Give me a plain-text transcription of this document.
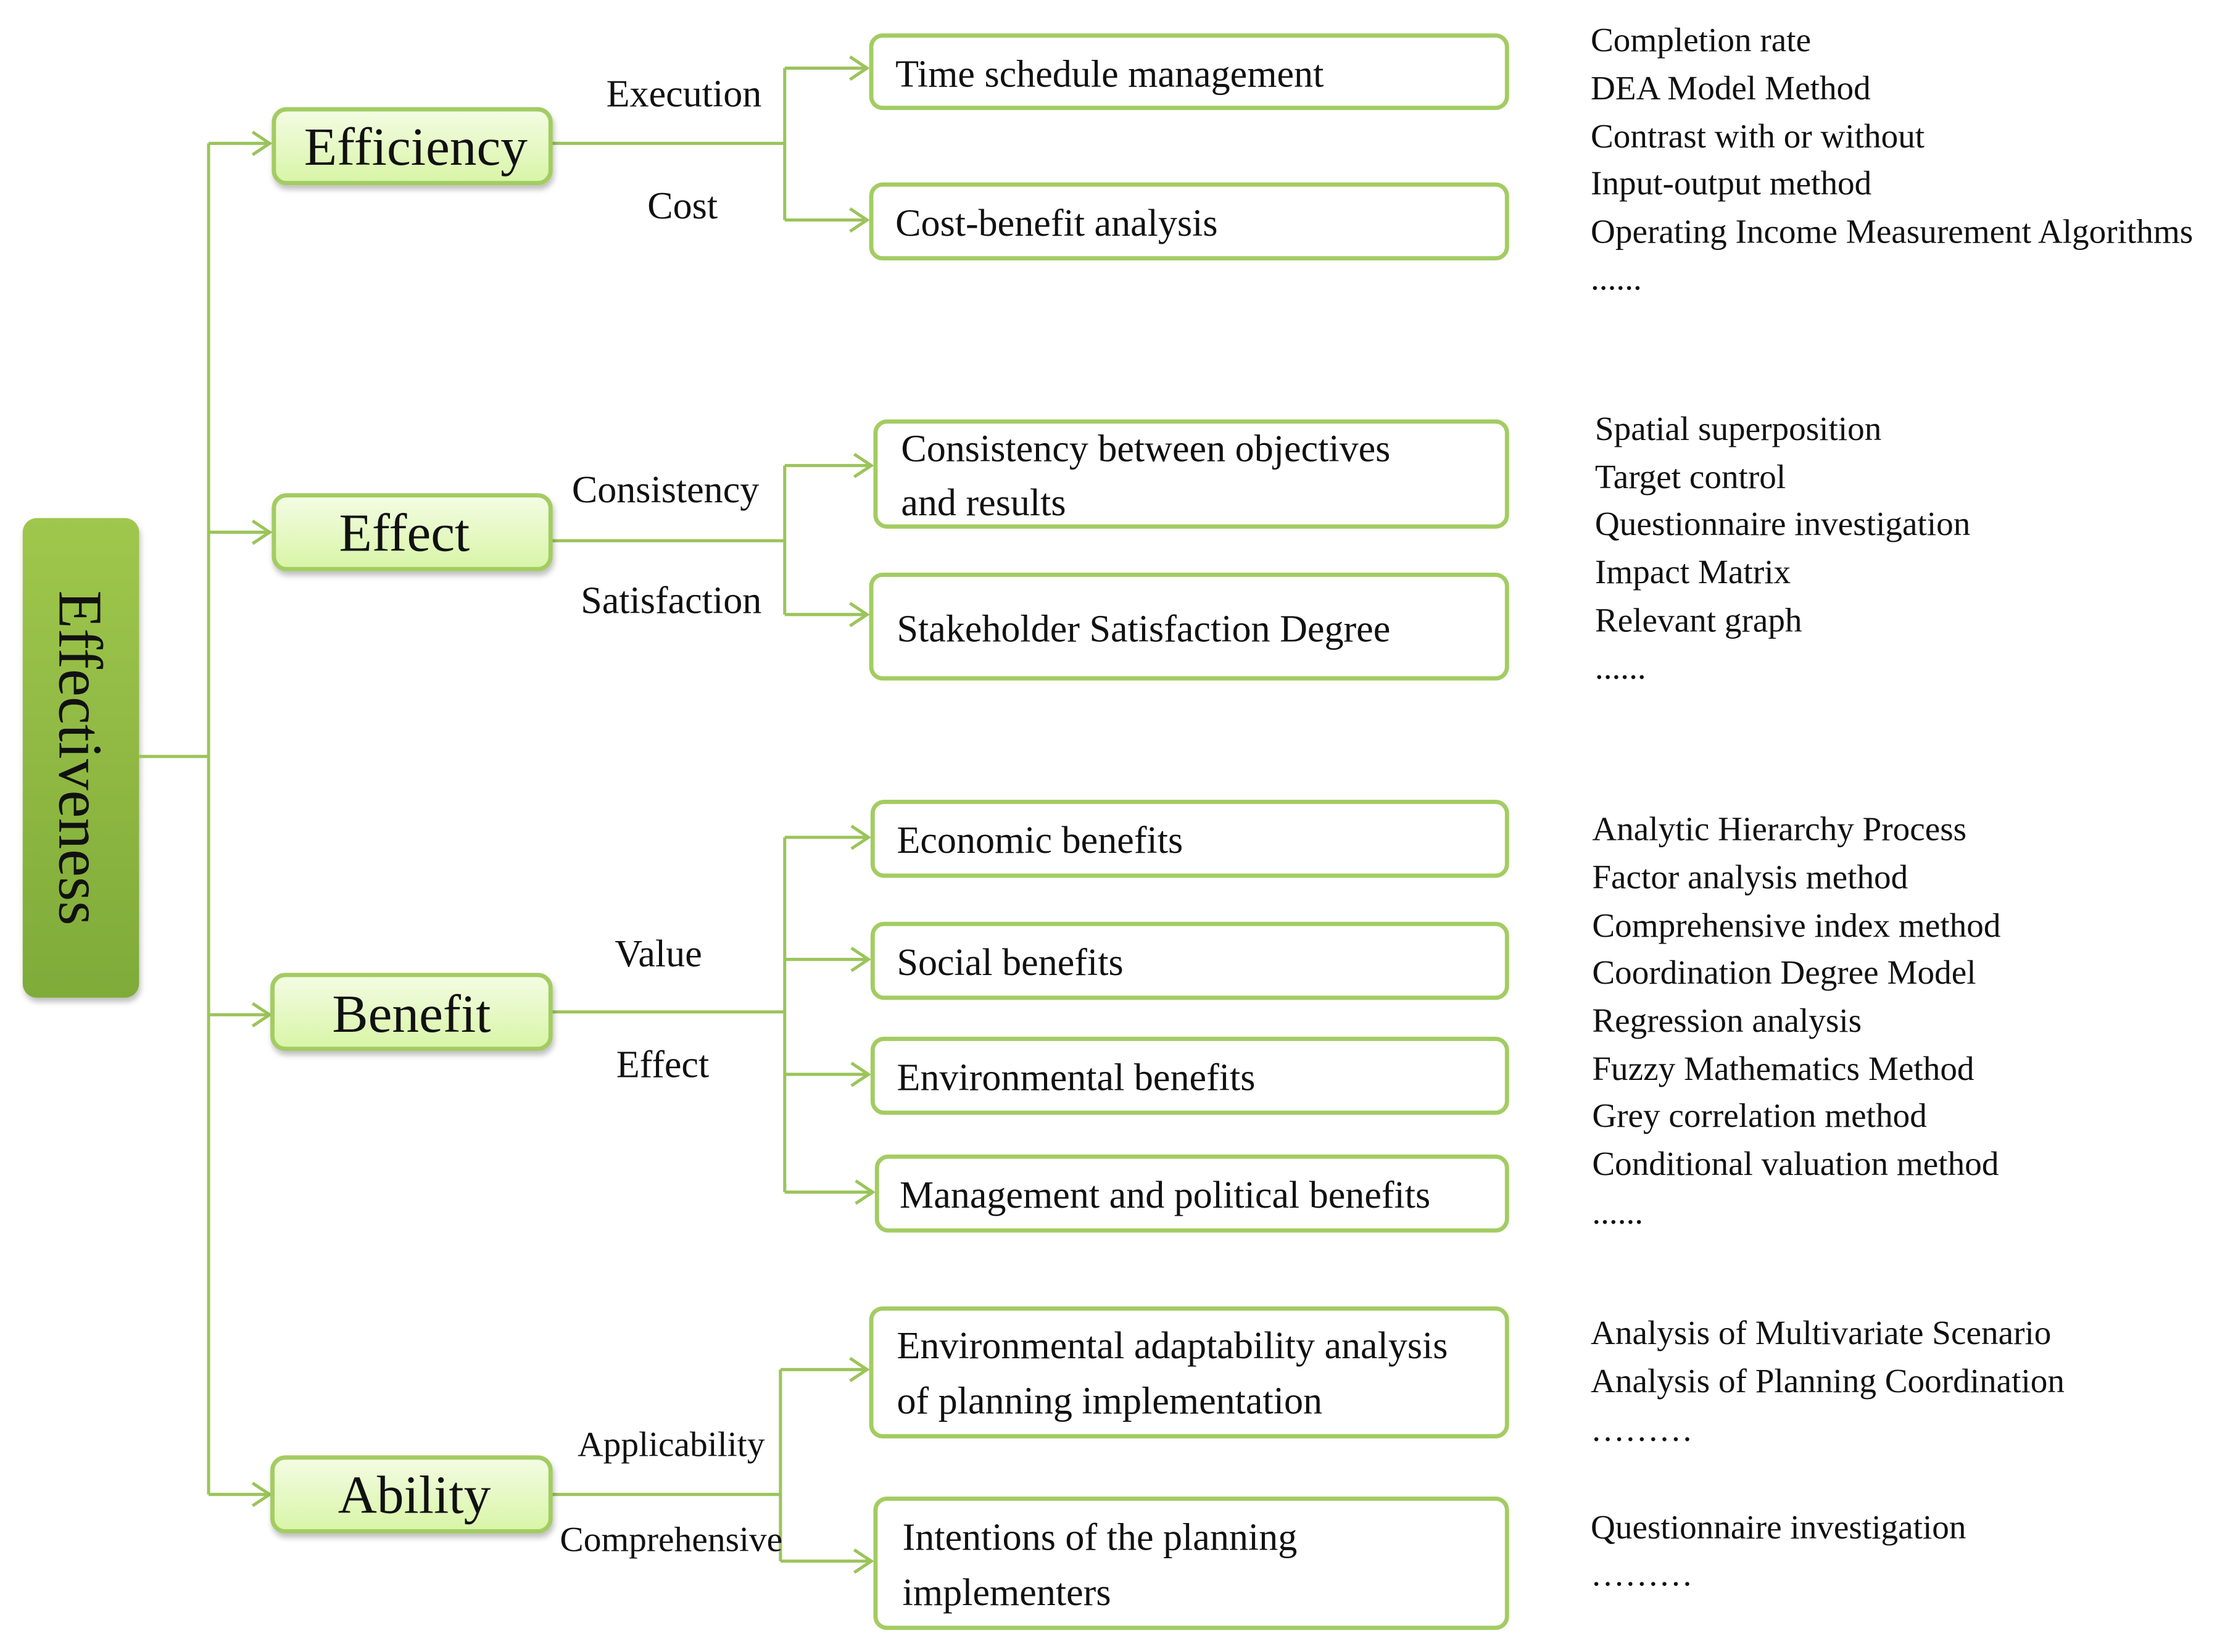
Effectiveness
Efficiency
Effect
Benefit
Ability
Execution
Cost
Consistency
Satisfaction
Value
Effect
Applicability
Comprehensive
Time schedule management
Cost-benefit analysis
Consistency between objectives
and results
Stakeholder Satisfaction Degree
Economic benefits
Social benefits
Environmental benefits
Management and political benefits
Environmental adaptability analysis
of planning implementation
Intentions of the planning
implementers
Completion rate
DEA Model Method
Contrast with or without
Input-output method
Operating Income Measurement Algorithms
......
Spatial superposition
Target control
Questionnaire investigation
Impact Matrix
Relevant graph
......
Analytic Hierarchy Process
Factor analysis method
Comprehensive index method
Coordination Degree Model
Regression analysis
Fuzzy Mathematics Method
Grey correlation method
Conditional valuation method
......
Analysis of Multivariate Scenario
Analysis of Planning Coordination
………
Questionnaire investigation
………
